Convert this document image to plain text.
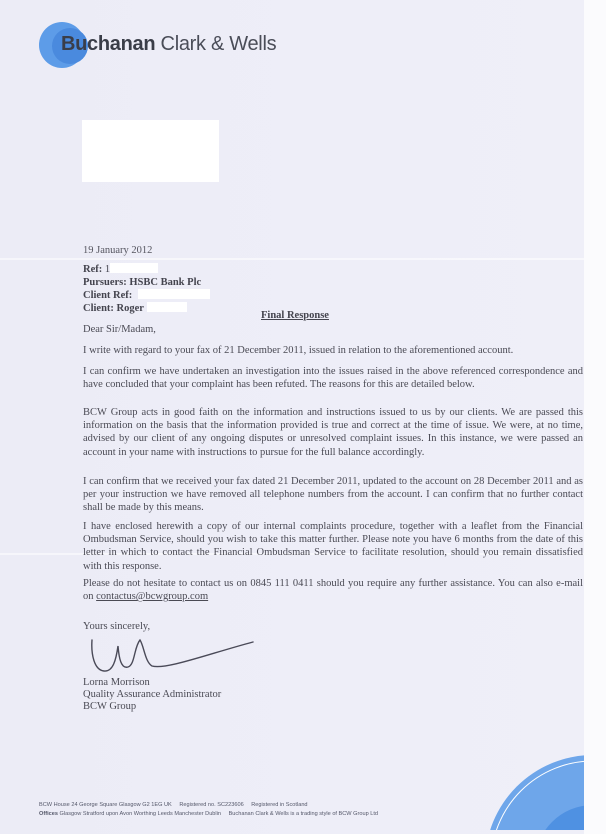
Buchanan Clark & Wells
19 January 2012
Ref: 1
Pursuers: HSBC Bank Plc
Client Ref:
Client: Roger
Final Response
Dear Sir/Madam,
I write with regard to your fax of 21 December 2011, issued in relation to the aforementioned account.
I can confirm we have undertaken an investigation into the issues raised in the above referenced correspondence and have concluded that your complaint has been refuted. The reasons for this are detailed below.
BCW Group acts in good faith on the information and instructions issued to us by our clients. We are passed this information on the basis that the information provided is true and correct at the time of issue. We were, at no time, advised by our client of any ongoing disputes or unresolved complaint issues. In this instance, we were passed an account in your name with instructions to pursue for the full balance accordingly.
I can confirm that we received your fax dated 21 December 2011, updated to the account on 28 December 2011 and as per your instruction we have removed all telephone numbers from the account. I can confirm that no further contact shall be made by this means.
I have enclosed herewith a copy of our internal complaints procedure, together with a leaflet from the Financial Ombudsman Service, should you wish to take this matter further. Please note you have 6 months from the date of this letter in which to contact the Financial Ombudsman Service to facilitate resolution, should you remain dissatisfied with this response.
Please do not hesitate to contact us on 0845 111 0411 should you require any further assistance. You can also e-mail on contactus@bcwgroup.com
Yours sincerely,
Lorna Morrison
Quality Assurance Administrator
BCW Group
BCW House 24 George Square Glasgow G2 1EG UK Registered no. SC223606 Registered in Scotland
Offices Glasgow Stratford upon Avon Worthing Leeds Manchester Dublin Buchanan Clark & Wells is a trading style of BCW Group Ltd
